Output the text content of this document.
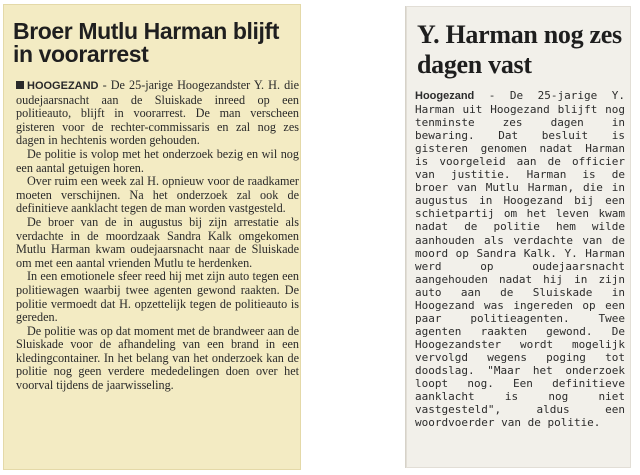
Broer Mutlu Harman blijft in voorarrest

HOOGEZAND - De 25-jarige Hoogezandster Y. H. die oudejaarsnacht aan de Sluiskade inreed op een politieauto, blijft in voorarrest. De man verscheen gisteren voor de rechter-commissaris en zal nog zes dagen in hechtenis worden gehouden.

De politie is volop met het onderzoek bezig en wil nog een aantal getuigen horen.

Over ruim een week zal H. opnieuw voor de raadkamer moeten verschijnen. Na het onderzoek zal ook de definitieve aanklacht tegen de man worden vastgesteld.

De broer van de in augustus bij zijn arrestatie als verdachte in de moordzaak Sandra Kalk omgekomen Mutlu Harman kwam oudejaarsnacht naar de Sluiskade om met een aantal vrienden Mutlu te herdenken.

In een emotionele sfeer reed hij met zijn auto tegen een politiewagen waarbij twee agenten gewond raakten. De politie vermoedt dat H. opzettelijk tegen de politieauto is gereden.

De politie was op dat moment met de brandweer aan de Sluiskade voor de afhandeling van een brand in een kledingcontainer. In het belang van het onderzoek kan de politie nog geen verdere mededelingen doen over het voorval tijdens de jaarwisseling.

Y. Harman nog zes dagen vast

Hoogezand - De 25-jarige Y. Harman uit Hoogezand blijft nog tenminste zes dagen in bewaring. Dat besluit is gisteren genomen nadat Harman is voorgeleid aan de officier van justitie. Harman is de broer van Mutlu Harman, die in augustus in Hoogezand bij een schietpartij om het leven kwam nadat de politie hem wilde aanhouden als verdachte van de moord op Sandra Kalk. Y. Harman werd op oudejaarsnacht aangehouden nadat hij in zijn auto aan de Sluiskade in Hoogezand was ingereden op een paar politieagenten. Twee agenten raakten gewond. De Hoogezandster wordt mogelijk vervolgd wegens poging tot doodslag. "Maar het onderzoek loopt nog. Een definitieve aanklacht is nog niet vastgesteld", aldus een woordvoerder van de politie.
